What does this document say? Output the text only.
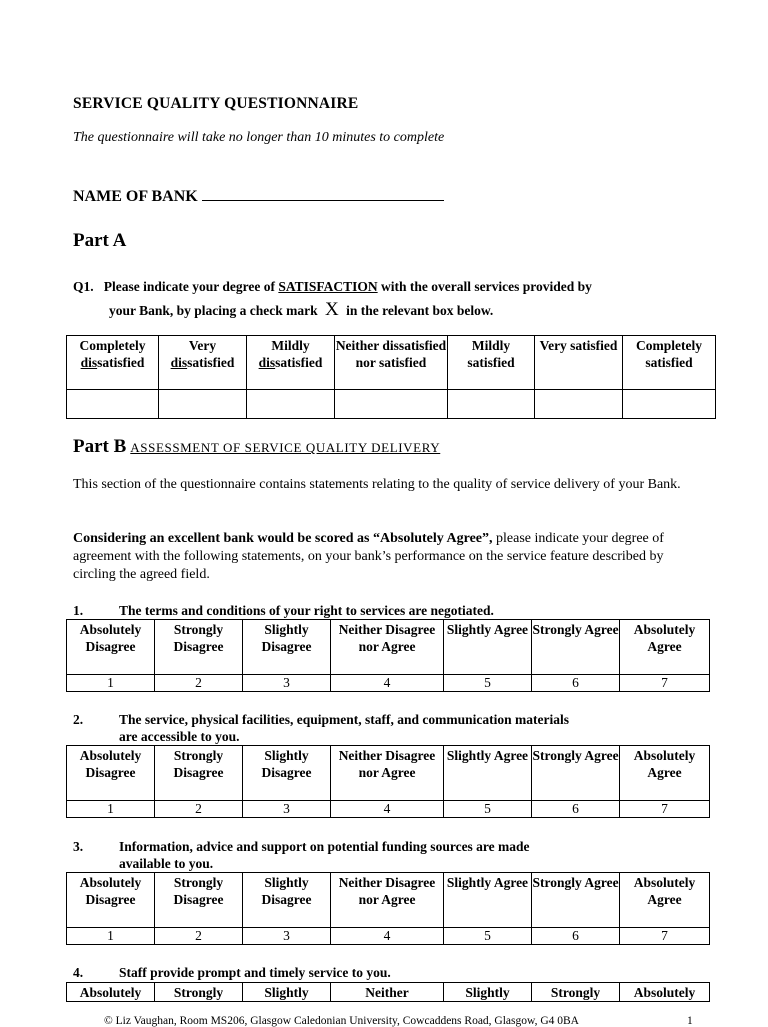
SERVICE QUALITY QUESTIONNAIRE
The questionnaire will take no longer than 10 minutes to complete
NAME OF BANK
Part A
Q1. Please indicate your degree of SATISFACTION with the overall services provided by
your Bank, by placing a check mark X in the relevant box below.
Completely dissatisfied	Very dissatisfied	Mildly dissatisfied	Neither dissatisfied nor satisfied	Mildly satisfied	Very satisfied	Completely satisfied

Part B ASSESSMENT OF SERVICE QUALITY DELIVERY
This section of the questionnaire contains statements relating to the quality of service delivery of your Bank.
Considering an excellent bank would be scored as “Absolutely Agree”, please indicate your degree of agreement with the following statements, on your bank’s performance on the service feature described by circling the agreed field.
1.	The terms and conditions of your right to services are negotiated.
Absolutely Disagree	Strongly Disagree	Slightly Disagree	Neither Disagree nor Agree	Slightly Agree	Strongly Agree	Absolutely Agree
1	2	3	4	5	6	7
2.	The service, physical facilities, equipment, staff, and communication materials
are accessible to you.
Absolutely Disagree	Strongly Disagree	Slightly Disagree	Neither Disagree nor Agree	Slightly Agree	Strongly Agree	Absolutely Agree
1	2	3	4	5	6	7
3.	Information, advice and support on potential funding sources are made
available to you.
Absolutely Disagree	Strongly Disagree	Slightly Disagree	Neither Disagree nor Agree	Slightly Agree	Strongly Agree	Absolutely Agree
1	2	3	4	5	6	7
4.	Staff provide prompt and timely service to you.
Absolutely	Strongly	Slightly	Neither	Slightly	Strongly	Absolutely
© Liz Vaughan, Room MS206, Glasgow Caledonian University, Cowcaddens Road, Glasgow, G4 0BA	1
